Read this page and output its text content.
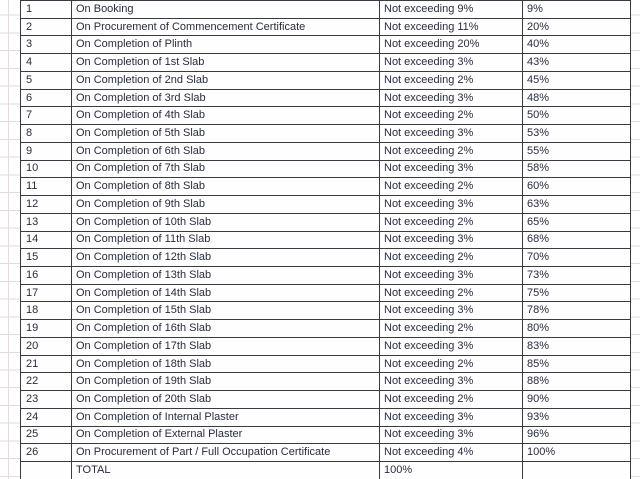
1	On Booking	Not exceeding 9%	9%
2	On Procurement of Commencement Certificate	Not exceeding 11%	20%
3	On Completion of Plinth	Not exceeding 20%	40%
4	On Completion of 1st Slab	Not exceeding 3%	43%
5	On Completion of 2nd Slab	Not exceeding 2%	45%
6	On Completion of 3rd Slab	Not exceeding 3%	48%
7	On Completion of 4th Slab	Not exceeding 2%	50%
8	On Completion of 5th Slab	Not exceeding 3%	53%
9	On Completion of 6th Slab	Not exceeding 2%	55%
10	On Completion of 7th Slab	Not exceeding 3%	58%
11	On Completion of 8th Slab	Not exceeding 2%	60%
12	On Completion of 9th Slab	Not exceeding 3%	63%
13	On Completion of 10th Slab	Not exceeding 2%	65%
14	On Completion of 11th Slab	Not exceeding 3%	68%
15	On Completion of 12th Slab	Not exceeding 2%	70%
16	On Completion of 13th Slab	Not exceeding 3%	73%
17	On Completion of 14th Slab	Not exceeding 2%	75%
18	On Completion of 15th Slab	Not exceeding 3%	78%
19	On Completion of 16th Slab	Not exceeding 2%	80%
20	On Completion of 17th Slab	Not exceeding 3%	83%
21	On Completion of 18th Slab	Not exceeding 2%	85%
22	On Completion of 19th Slab	Not exceeding 3%	88%
23	On Completion of 20th Slab	Not exceeding 2%	90%
24	On Completion of Internal Plaster	Not exceeding 3%	93%
25	On Completion of External Plaster	Not exceeding 3%	96%
26	On Procurement of Part / Full Occupation Certificate	Not exceeding 4%	100%
	TOTAL	100%	
